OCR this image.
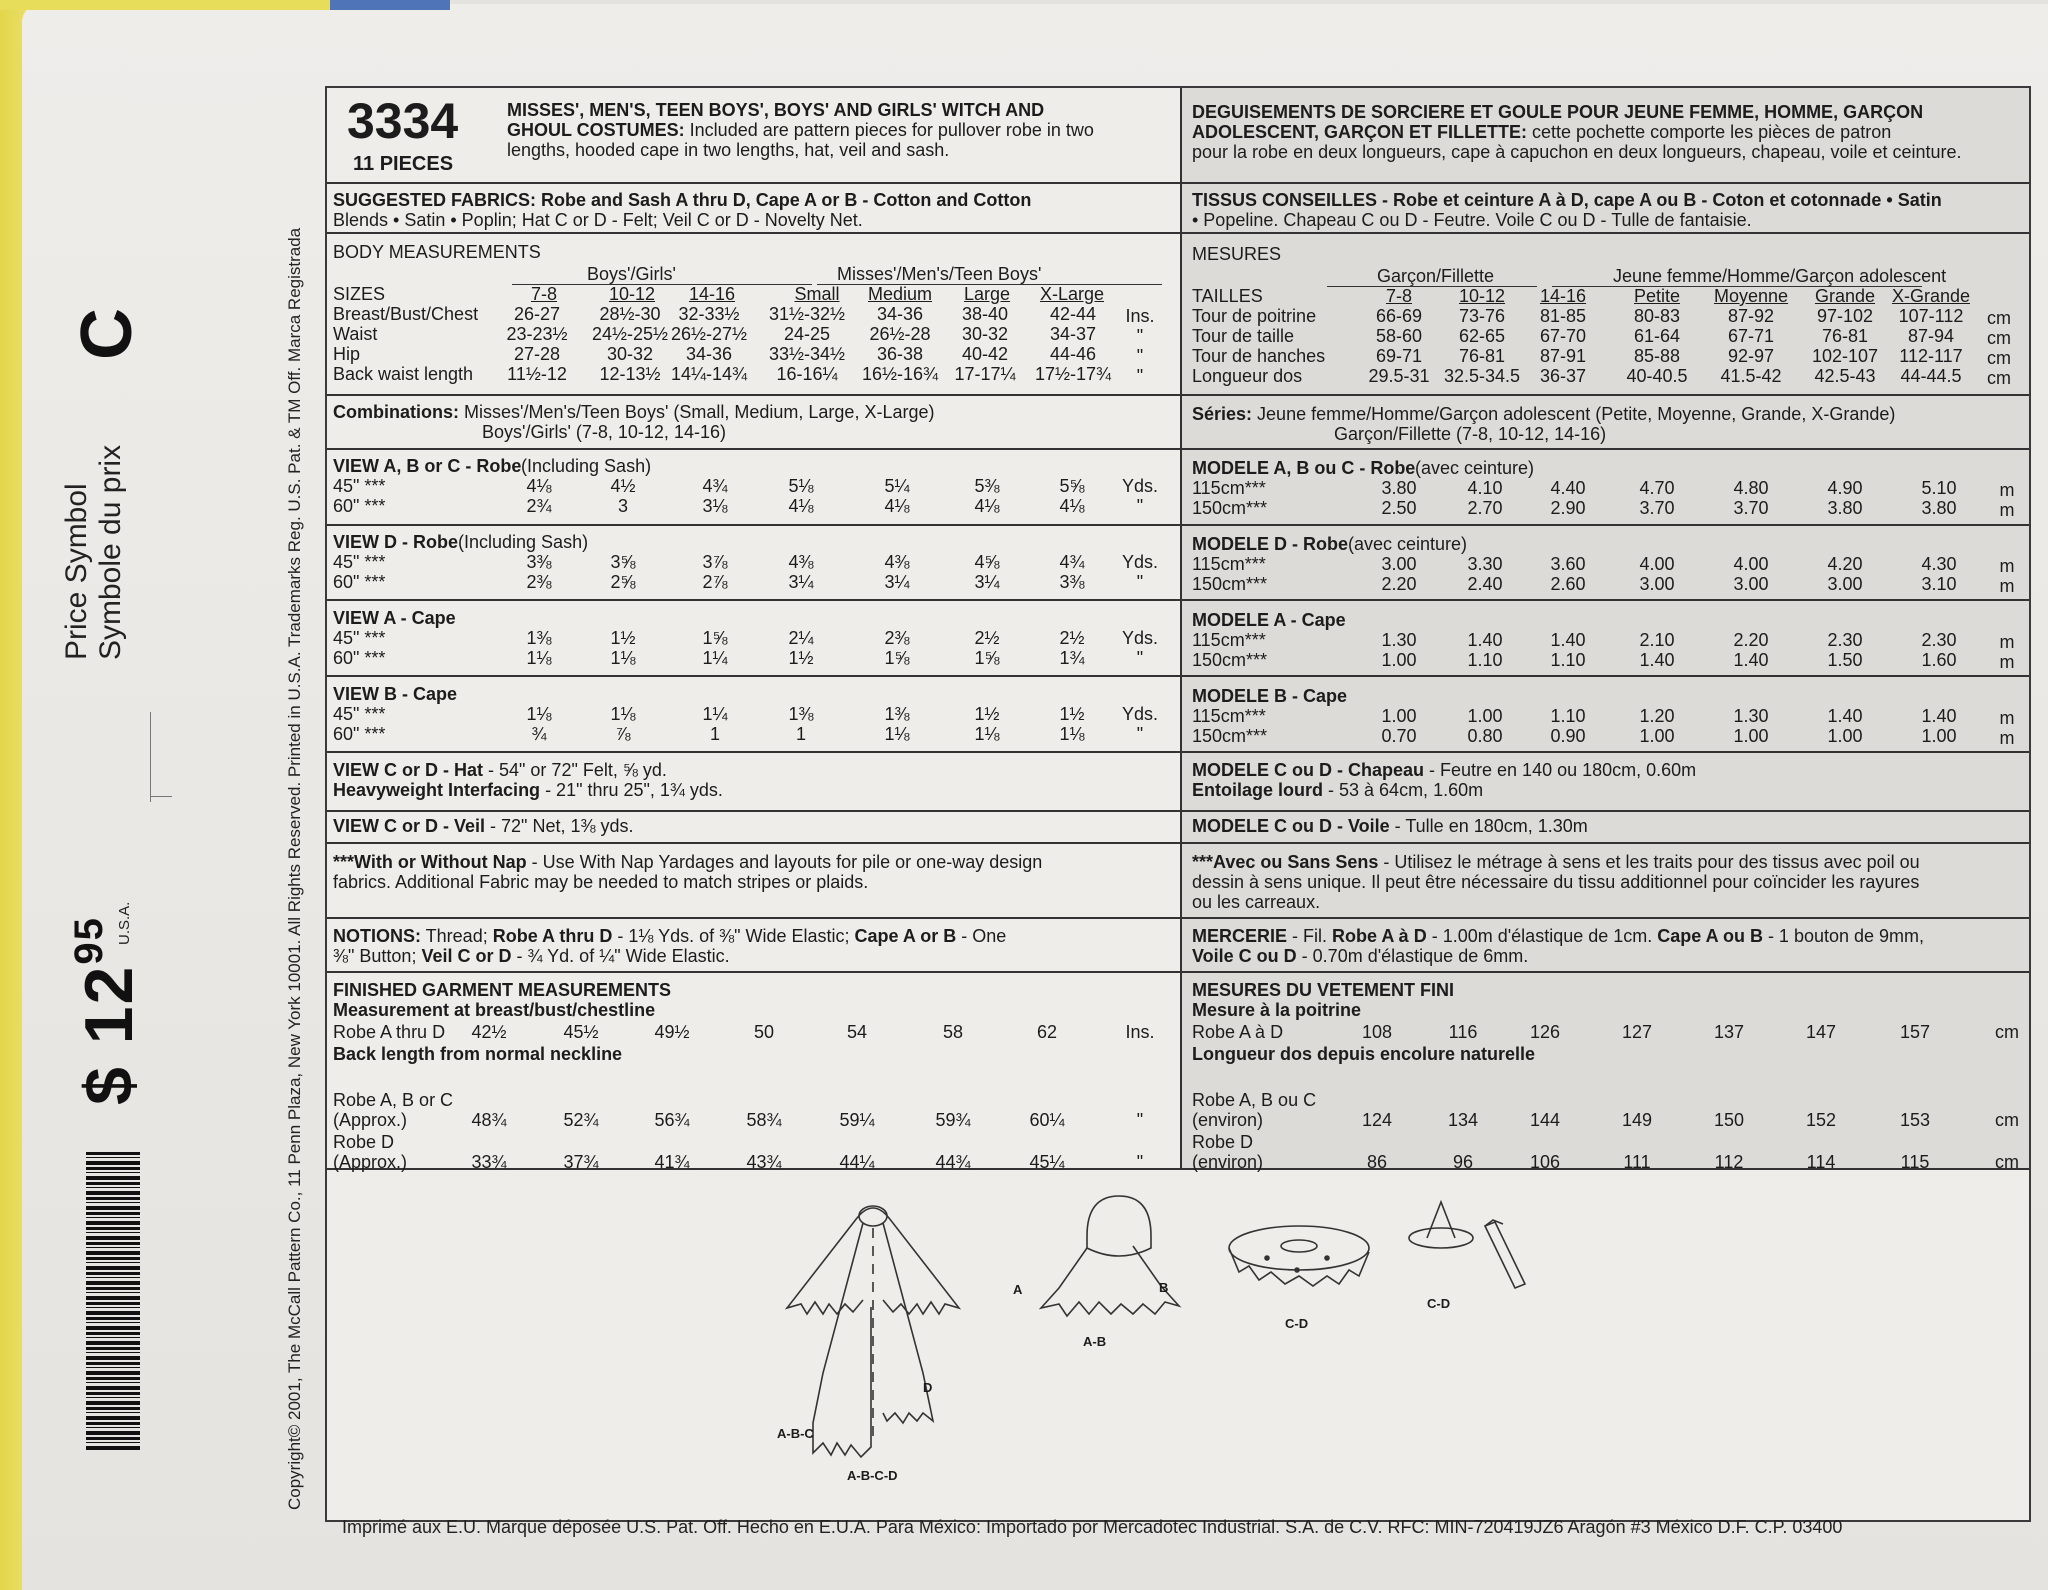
Price Symbol Symbole du prix
C
$ $12^{95}$ U.S.A.	Copyright© 2001, The McCall Pattern Co., 11 Penn Plaza, New York 10001. All Rights Reserved. Printed in U.S.A. Trademarks Reg. U.S. Pat. & TM Off. Marca Registrada
3334
11 PIECES
MISSES', MEN'S, TEEN BOYS', BOYS' AND GIRLS' WITCH AND
GHOUL COSTUMES: Included are pattern pieces for pullover robe in two
lengths, hooded cape in two lengths, hat, veil and sash.
DEGUISEMENTS DE SORCIERE ET GOULE POUR JEUNE FEMME, HOMME, GARÇON
ADOLESCENT, GARÇON ET FILLETTE: cette pochette comporte les pièces de patron
pour la robe en deux longueurs, cape à capuchon en deux longueurs, chapeau, voile et ceinture.
SUGGESTED FABRICS: Robe and Sash A thru D, Cape A or B - Cotton and Cotton
Blends • Satin • Poplin; Hat C or D - Felt; Veil C or D - Novelty Net.
TISSUS CONSEILLES - Robe et ceinture A à D, cape A ou B - Coton et cotonnade • Satin
• Popeline. Chapeau C ou D - Feutre. Voile C ou D - Tulle de fantaisie.
BODY MEASUREMENTS	MESURES
Boys'/Girls'	Misses'/Men's/Teen Boys'	Garçon/Fillette	Jeune femme/Homme/Garçon adolescent
SIZES	7-8	10-12	14-16	Small	Medium	Large	X-Large
Breast/Bust/Chest	26-27	28½-30 32-33½	31½-32½	34-36	38-40	42-44	Ins.
Waist	23-23½	24½-25½ 26½-27½	24-25	26½-28	30-32	34-37	"
Hip	27-28	30-32	34-36	33½-34½	36-38	40-42	44-46	"
Back waist length	11½-12	12-13½ 14¼-14¾	16-16¼	16½-16¾ 17-17¼	17½-17¾	"
TAILLES	7-8	10-12	14-16	Petite	Moyenne	Grande X-Grande
Tour de poitrine	66-69	73-76	81-85	80-83	87-92	97-102	107-112	cm
Tour de taille	58-60	62-65	67-70	61-64	67-71	76-81	87-94	cm
Tour de hanches	69-71	76-81	87-91	85-88	92-97	102-107	112-117	cm
Longueur dos	29.5-31 32.5-34.5	36-37	40-40.5	41.5-42	42.5-43	44-44.5	cm
Combinations: Misses'/Men's/Teen Boys' (Small, Medium, Large, X-Large)
Boys'/Girls' (7-8, 10-12, 14-16)
Séries: Jeune femme/Homme/Garçon adolescent (Petite, Moyenne, Grande, X-Grande)
Garçon/Fillette (7-8, 10-12, 14-16)
VIEW A, B or C - Robe (Including Sash)	MODELE A, B ou C - Robe (avec ceinture)
45" ***	4⅛	4½	4¾	5⅛	5¼	5⅜	5⅝	Yds.
60" ***	2¾	3	3⅛	4⅛	4⅛	4⅛	4⅛	"
115cm***	3.80	4.10	4.40	4.70	4.80	4.90	5.10	m
150cm***	2.50	2.70	2.90	3.70	3.70	3.80	3.80	m
VIEW D - Robe (Including Sash)	MODELE D - Robe (avec ceinture)
45" ***	3⅜	3⅝	3⅞	4⅜	4⅜	4⅝	4¾	Yds.
60" ***	2⅜	2⅝	2⅞	3¼	3¼	3¼	3⅜	"
115cm***	3.00	3.30	3.60	4.00	4.00	4.20	4.30	m
150cm***	2.20	2.40	2.60	3.00	3.00	3.00	3.10	m
VIEW A - Cape	MODELE A - Cape
45" ***	1⅜	1½	1⅝	2¼	2⅜	2½	2½	Yds.
60" ***	1⅛	1⅛	1¼	1½	1⅝	1⅝	1¾	"
115cm***	1.30	1.40	1.40	2.10	2.20	2.30	2.30	m
150cm***	1.00	1.10	1.10	1.40	1.40	1.50	1.60	m
VIEW B - Cape	MODELE B - Cape
45" ***	1⅛	1⅛	1¼	1⅜	1⅜	1½	1½	Yds.
60" ***	¾	⅞	1	1	1⅛	1⅛	1⅛	"
115cm***	1.00	1.00	1.10	1.20	1.30	1.40	1.40	m
150cm***	0.70	0.80	0.90	1.00	1.00	1.00	1.00	m
VIEW C or D - Hat - 54" or 72" Felt, ⅝ yd.
Heavyweight Interfacing - 21" thru 25", 1¾ yds.
MODELE C ou D - Chapeau - Feutre en 140 ou 180cm, 0.60m
Entoilage lourd - 53 à 64cm, 1.60m
VIEW C or D - Veil - 72" Net, 1⅜ yds.	MODELE C ou D - Voile - Tulle en 180cm, 1.30m
***With or Without Nap - Use With Nap Yardages and layouts for pile or one-way design
fabrics. Additional Fabric may be needed to match stripes or plaids.
***Avec ou Sans Sens - Utilisez le métrage à sens et les traits pour des tissus avec poil ou
dessin à sens unique. Il peut être nécessaire du tissu additionnel pour coïncider les rayures
ou les carreaux.
NOTIONS: Thread; Robe A thru D - 1⅛ Yds. of ⅜" Wide Elastic; Cape A or B - One
⅜" Button; Veil C or D - ¾ Yd. of ¼" Wide Elastic.
MERCERIE - Fil. Robe A à D - 1.00m d'élastique de 1cm. Cape A ou B - 1 bouton de 9mm,
Voile C ou D - 0.70m d'élastique de 6mm.
FINISHED GARMENT MEASUREMENTS
Measurement at breast/bust/chestline
Back length from normal neckline
MESURES DU VETEMENT FINI
Mesure à la poitrine
Longueur dos depuis encolure naturelle
Robe A thru D	42½	45½	49½	50	54	58	62	Ins.
Robe A, B or C
(Approx.)	48¾	52¾	56¾	58¾	59¼	59¾	60¼	"
Robe D
(Approx.)	33¾	37¾	41¾	43¾	44¼	44¾	45¼	"
Robe A à D	108	116	126	127	137	147	157	cm
Robe A, B ou C
(environ)	124	134	144	149	150	152	153	cm
Robe D
(environ)	86	96	106	111	112	114	115	cm
A-B-C
D
A-B-C-D
A	B
A-B
C-D
C-D
Imprimé aux E.U. Marque déposée U.S. Pat. Off. Hecho en E.U.A. Para México: Importado por Mercadotec Industrial. S.A. de C.V. RFC: MIN-720419JZ6 Aragón #3 México D.F. C.P. 03400
